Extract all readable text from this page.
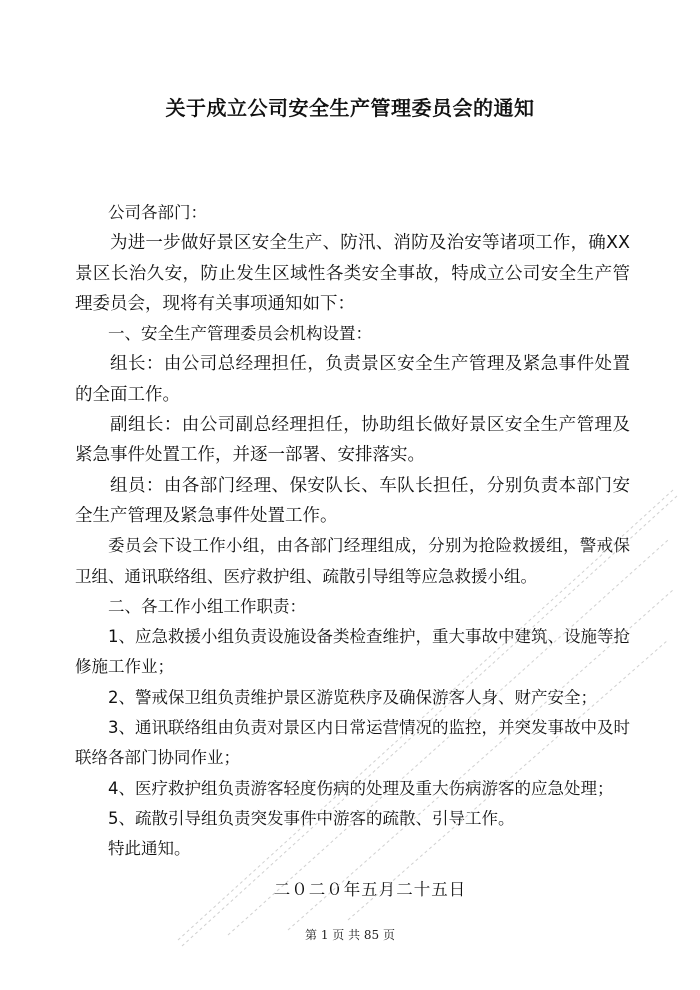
关于成立公司安全生产管理委员会的通知

公司各部门：

为进一步做好景区安全生产、防汛、消防及治安等诸项工作，确XX景区长治久安，防止发生区域性各类安全事故，特成立公司安全生产管理委员会，现将有关事项通知如下：

一、安全生产管理委员会机构设置：

组长：由公司总经理担任，负责景区安全生产管理及紧急事件处置的全面工作。

副组长：由公司副总经理担任，协助组长做好景区安全生产管理及紧急事件处置工作，并逐一部署、安排落实。

组员：由各部门经理、保安队长、车队长担任，分别负责本部门安全生产管理及紧急事件处置工作。

委员会下设工作小组，由各部门经理组成，分别为抢险救援组，警戒保卫组、通讯联络组、医疗救护组、疏散引导组等应急救援小组。

二、各工作小组工作职责：

1、应急救援小组负责设施设备类检查维护，重大事故中建筑、设施等抢修施工作业；

2、警戒保卫组负责维护景区游览秩序及确保游客人身、财产安全；

3、通讯联络组由负责对景区内日常运营情况的监控，并突发事故中及时联络各部门协同作业；

4、医疗救护组负责游客轻度伤病的处理及重大伤病游客的应急处理；

5、疏散引导组负责突发事件中游客的疏散、引导工作。

特此通知。

二０二０年五月二十五日
第 1 页 共 85 页
